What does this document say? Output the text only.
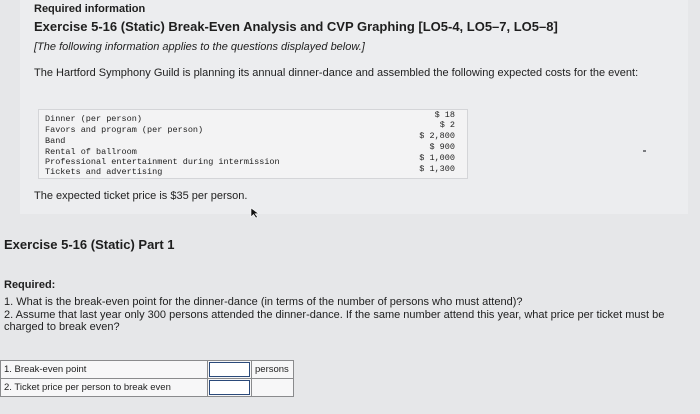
Required information
Exercise 5-16 (Static) Break-Even Analysis and CVP Graphing [LO5-4, LO5–7, LO5–8]
[The following information applies to the questions displayed below.]
The Hartford Symphony Guild is planning its annual dinner-dance and assembled the following expected costs for the event:
Dinner (per person)	$ 18
Favors and program (per person)	$ 2
Band	$ 2,800
Rental of ballroom	$ 900
Professional entertainment during intermission	$ 1,000
Tickets and advertising	$ 1,300
The expected ticket price is $35 per person.
Exercise 5-16 (Static) Part 1
Required:
1. What is the break-even point for the dinner-dance (in terms of the number of persons who must attend)?
2. Assume that last year only 300 persons attended the dinner-dance. If the same number attend this year, what price per ticket must be charged to break even?
1. Break-even point		persons
2. Ticket price per person to break even		
